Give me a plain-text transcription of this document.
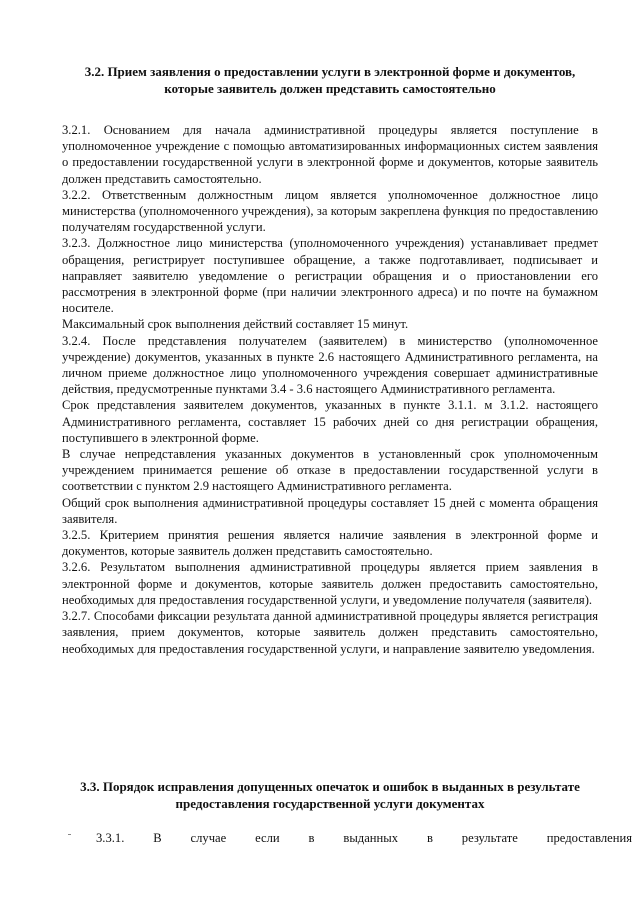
3.2. Прием заявления о предоставлении услуги в электронной форме и документов, которые заявитель должен представить самостоятельно

3.2.1. Основанием для начала административной процедуры является поступление в уполномоченное учреждение с помощью автоматизированных информационных систем заявления о предоставлении государственной услуги в электронной форме и документов, которые заявитель должен представить самостоятельно.

3.2.2. Ответственным должностным лицом является уполномоченное должностное лицо министерства (уполномоченного учреждения), за которым закреплена функция по предоставлению получателям государственной услуги.

3.2.3. Должностное лицо министерства (уполномоченного учреждения) устанавливает предмет обращения, регистрирует поступившее обращение, а также подготавливает, подписывает и направляет заявителю уведомление о регистрации обращения и о приостановлении его рассмотрения в электронной форме (при наличии электронного адреса) и по почте на бумажном носителе.

Максимальный срок выполнения действий составляет 15 минут.

3.2.4. После представления получателем (заявителем) в министерство (уполномоченное учреждение) документов, указанных в пункте 2.6 настоящего Административного регламента, на личном приеме должностное лицо уполномоченного учреждения совершает административные действия, предусмотренные пунктами 3.4 - 3.6 настоящего Административного регламента.

Срок представления заявителем документов, указанных в пункте 3.1.1. м 3.1.2. настоящего Административного регламента, составляет 15 рабочих дней со дня регистрации обращения, поступившего в электронной форме.

В случае непредставления указанных документов в установленный срок уполномоченным учреждением принимается решение об отказе в предоставлении государственной услуги в соответствии с пунктом 2.9 настоящего Административного регламента.

Общий срок выполнения административной процедуры составляет 15 дней с момента обращения заявителя.

3.2.5. Критерием принятия решения является наличие заявления в электронной форме и документов, которые заявитель должен представить самостоятельно.

3.2.6. Результатом выполнения административной процедуры является прием заявления в электронной форме и документов, которые заявитель должен предоставить самостоятельно, необходимых для предоставления государственной услуги, и уведомление получателя (заявителя).

3.2.7. Способами фиксации результата данной административной процедуры является регистрация заявления, прием документов, которые заявитель должен представить самостоятельно, необходимых для предоставления государственной услуги, и направление заявителю уведомления.

3.3. Порядок исправления допущенных опечаток и ошибок в выданных в результате предоставления государственной услуги документах
3.3.1. В случае если в выданных в результате предоставления
